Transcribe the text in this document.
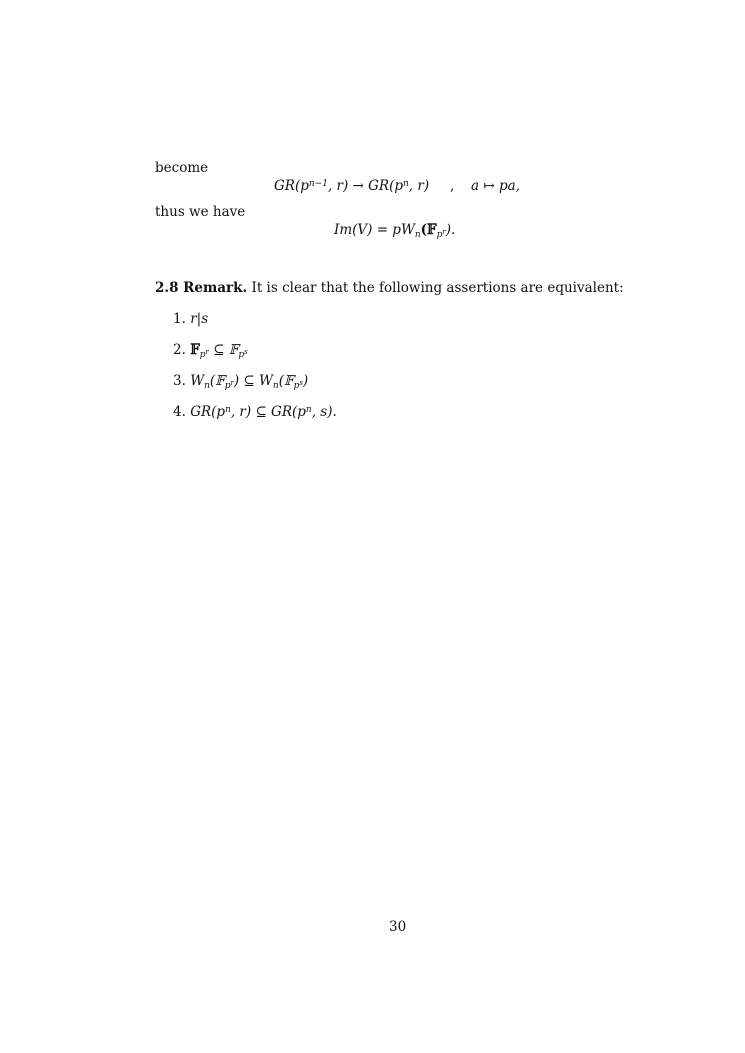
become
$GR(p^{n-1}$, $r) \to GR(p^n$, r) , a ↦ pa,
thus we have
$Im(V) = pW_n(𝔽_{p^r})$.
2.8 Remark. It is clear that the following assertions are equivalent:
1. r|s
2. 𝔽$_{p^r}$ ⊆ 𝔽$_{p^s}$
3. $W_n(𝔽_{p^r})$ ⊆ $W_n(𝔽_{p^s})$
4. $GR(p^n$, r) ⊆ $GR(p^n$, s).
30
